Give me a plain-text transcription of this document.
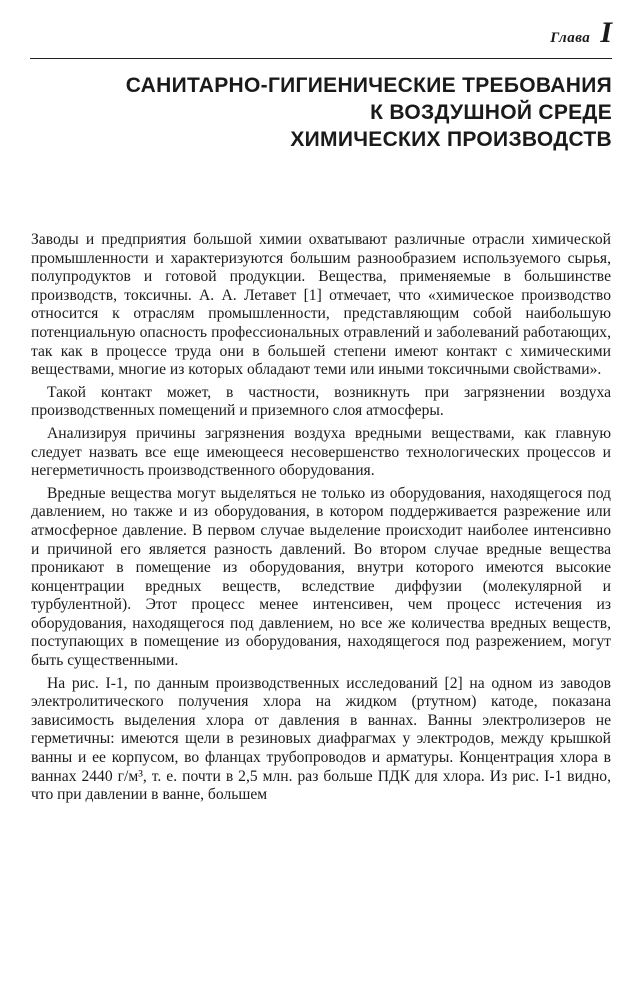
Глава I
САНИТАРНО-ГИГИЕНИЧЕСКИЕ ТРЕБОВАНИЯ
К ВОЗДУШНОЙ СРЕДЕ
ХИМИЧЕСКИХ ПРОИЗВОДСТВ

Заводы и предприятия большой химии охватывают различные отрасли химической промышленности и характеризуются большим разнообразием используемого сырья, полупродуктов и готовой продукции. Вещества, применяемые в большинстве производств, токсичны. А. А. Летавет [1] отмечает, что «химическое производство относится к отраслям промышленности, представляющим собой наибольшую потенциальную опасность профессиональных отравлений и заболеваний работающих, так как в процессе труда они в большей степени имеют контакт с химическими веществами, многие из которых обладают теми или иными токсичными свойствами».

Такой контакт может, в частности, возникнуть при загрязнении воздуха производственных помещений и приземного слоя атмосферы.

Анализируя причины загрязнения воздуха вредными веществами, как главную следует назвать все еще имеющееся несовершенство технологических процессов и негерметичность производственного оборудования.

Вредные вещества могут выделяться не только из оборудования, находящегося под давлением, но также и из оборудования, в котором поддерживается разрежение или атмосферное давление. В первом случае выделение происходит наиболее интенсивно и причиной его является разность давлений. Во втором случае вредные вещества проникают в помещение из оборудования, внутри которого имеются высокие концентрации вредных веществ, вследствие диффузии (молекулярной и турбулентной). Этот процесс менее интенсивен, чем процесс истечения из оборудования, находящегося под давлением, но все же количества вредных веществ, поступающих в помещение из оборудования, находящегося под разрежением, могут быть существенными.

На рис. I-1, по данным производственных исследований [2] на одном из заводов электролитического получения хлора на жидком (ртутном) катоде, показана зависимость выделения хлора от давления в ваннах. Ванны электролизеров не герметичны: имеются щели в резиновых диафрагмах у электродов, между крышкой ванны и ее корпусом, во фланцах трубопроводов и арматуры. Концентрация хлора в ваннах 2440 г/м³, т. е. почти в 2,5 млн. раз больше ПДК для хлора. Из рис. I-1 видно, что при давлении в ванне, большем
